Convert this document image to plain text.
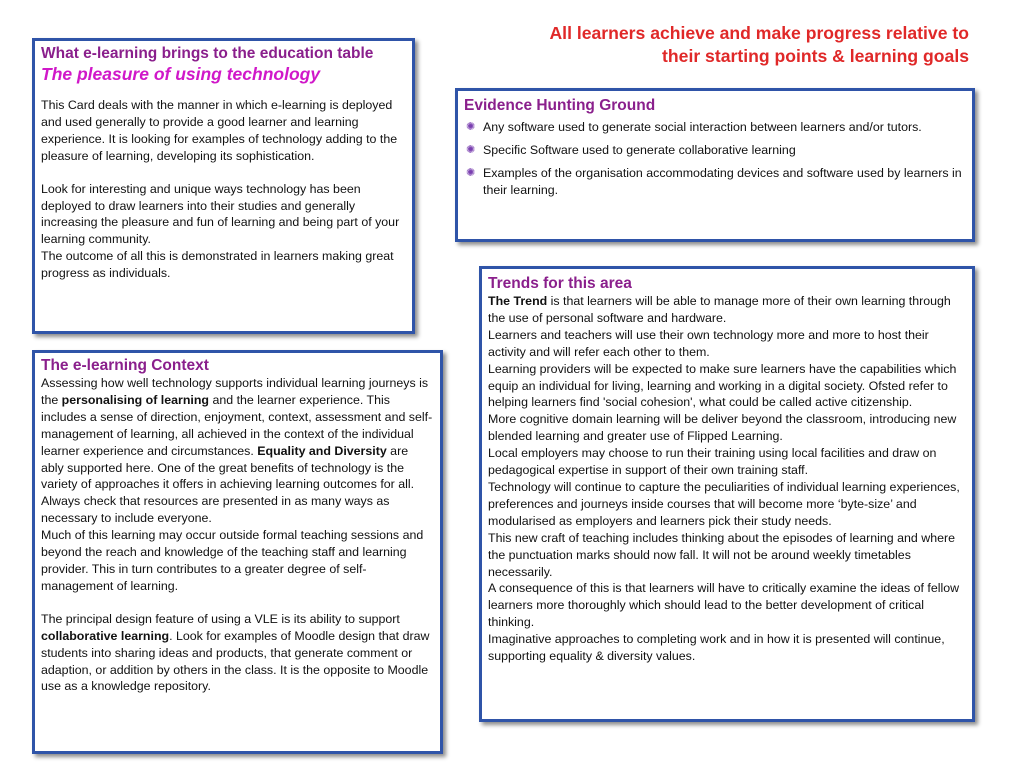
All learners achieve and make progress relative to
their starting points & learning goals
What e-learning brings to the education table
The pleasure of using technology

This Card deals with the manner in which e-learning is deployed and used generally to provide a good learner and learning experience. It is looking for examples of technology adding to the pleasure of learning, developing its sophistication.

Look for interesting and unique ways technology has been deployed to draw learners into their studies and generally increasing the pleasure and fun of learning and being part of your learning community.

The outcome of all this is demonstrated in learners making great progress as individuals.

Evidence Hunting Ground
✺ Any software used to generate social interaction between learners and/or tutors.
✺ Specific Software used to generate collaborative learning
✺ Examples of the organisation accommodating devices and software used by learners in their learning.
The e-learning Context

Assessing how well technology supports individual learning journeys is the personalising of learning and the learner experience. This includes a sense of direction, enjoyment, context, assessment and self-management of learning, all achieved in the context of the individual learner experience and circumstances. Equality and Diversity are ably supported here. One of the great benefits of technology is the variety of approaches it offers in achieving learning outcomes for all. Always check that resources are presented in as many ways as necessary to include everyone.

Much of this learning may occur outside formal teaching sessions and beyond the reach and knowledge of the teaching staff and learning provider. This in turn contributes to a greater degree of self-management of learning.

The principal design feature of using a VLE is its ability to support collaborative learning. Look for examples of Moodle design that draw students into sharing ideas and products, that generate comment or adaption, or addition by others in the class. It is the opposite to Moodle use as a knowledge repository.

Trends for this area

The Trend is that learners will be able to manage more of their own learning through the use of personal software and hardware.

Learners and teachers will use their own technology more and more to host their activity and will refer each other to them.

Learning providers will be expected to make sure learners have the capabilities which equip an individual for living, learning and working in a digital society. Ofsted refer to helping learners find 'social cohesion', what could be called active citizenship.

More cognitive domain learning will be deliver beyond the classroom, introducing new blended learning and greater use of Flipped Learning.

Local employers may choose to run their training using local facilities and draw on pedagogical expertise in support of their own training staff.

Technology will continue to capture the peculiarities of individual learning experiences, preferences and journeys inside courses that will become more ‘byte-size’ and modularised as employers and learners pick their study needs.

This new craft of teaching includes thinking about the episodes of learning and where the punctuation marks should now fall. It will not be around weekly timetables necessarily.

A consequence of this is that learners will have to critically examine the ideas of fellow learners more thoroughly which should lead to the better development of critical thinking.

Imaginative approaches to completing work and in how it is presented will continue, supporting equality & diversity values.
